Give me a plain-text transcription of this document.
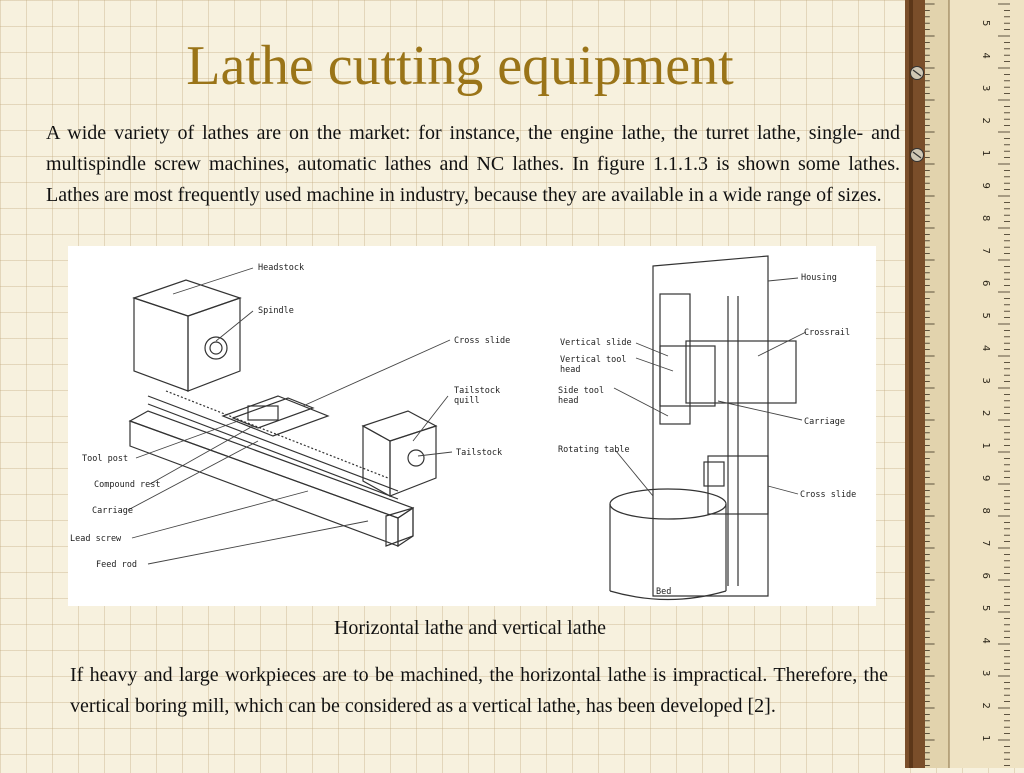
Lathe cutting equipment
A wide variety of lathes are on the market: for instance, the engine lathe, the turret lathe, single- and multispindle screw machines, automatic lathes and NC lathes. In figure 1.1.1.3 is shown some lathes. Lathes are most frequently used machine in industry, because they are available in a wide range of sizes.
Headstock
Spindle
Cross slide
Tailstock
quill
Tailstock
Tool post
Compound rest
Carriage
Lead screw
Feed rod
Housing
Vertical slide
Vertical tool
head
Crossrail
Side tool
head
Carriage
Rotating table
Cross slide
Bed
Horizontal lathe and vertical lathe
If heavy and large workpieces are to be machined, the horizontal lathe is impractical. Therefore, the vertical boring mill, which can be considered as a vertical lathe, has been developed [2].
5
4
3
2
1
9
8
7
6
5
4
3
2
1
9
8
7
6
5
4
3
2
1
